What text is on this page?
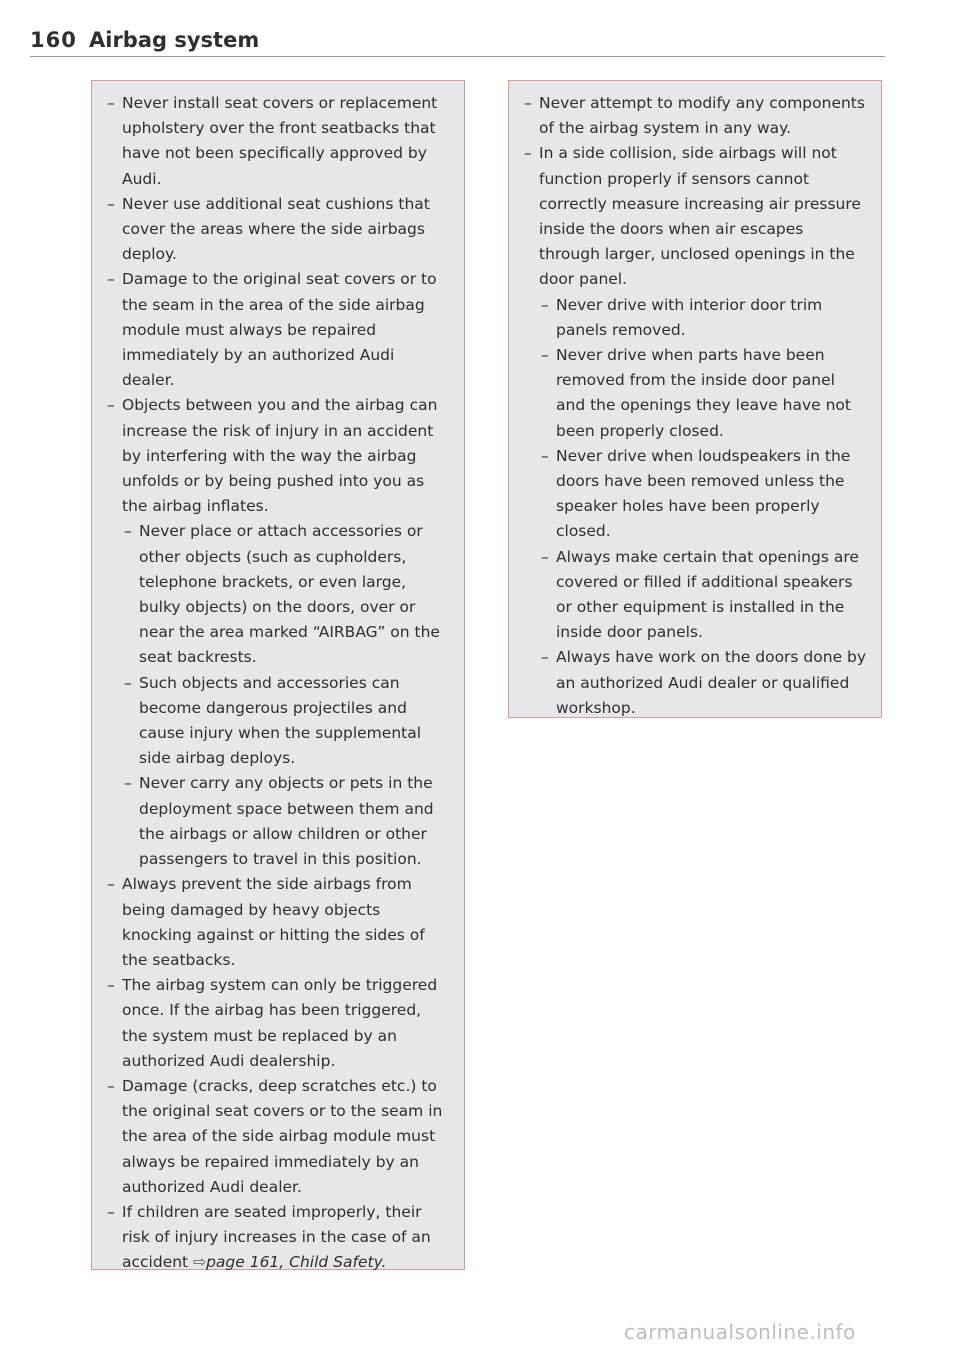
160 Airbag system
– Never install seat covers or replacement upholstery over the front seatbacks that have not been specifically approved by Audi.
– Never use additional seat cushions that cover the areas where the side airbags deploy.
– Damage to the original seat covers or to the seam in the area of the side airbag module must always be repaired immediately by an authorized Audi dealer.
– Objects between you and the airbag can increase the risk of injury in an accident by interfering with the way the airbag unfolds or by being pushed into you as the airbag inflates.
– Never place or attach accessories or other objects (such as cupholders, telephone brackets, or even large, bulky objects) on the doors, over or near the area marked “AIRBAG” on the seat backrests.
– Such objects and accessories can become dangerous projectiles and cause injury when the supplemental side airbag deploys.
– Never carry any objects or pets in the deployment space between them and the airbags or allow children or other passengers to travel in this position.
– Always prevent the side airbags from being damaged by heavy objects knocking against or hitting the sides of the seatbacks.
– The airbag system can only be triggered once. If the airbag has been triggered, the system must be replaced by an authorized Audi dealership.
– Damage (cracks, deep scratches etc.) to the original seat covers or to the seam in the area of the side airbag module must always be repaired immediately by an authorized Audi dealer.
– If children are seated improperly, their risk of injury increases in the case of an accident ⇨page 161, Child Safety.
– Never attempt to modify any components of the airbag system in any way.
– In a side collision, side airbags will not function properly if sensors cannot correctly measure increasing air pressure inside the doors when air escapes through larger, unclosed openings in the door panel.
– Never drive with interior door trim panels removed.
– Never drive when parts have been removed from the inside door panel and the openings they leave have not been properly closed.
– Never drive when loudspeakers in the doors have been removed unless the speaker holes have been properly closed.
– Always make certain that openings are covered or filled if additional speakers or other equipment is installed in the inside door panels.
– Always have work on the doors done by an authorized Audi dealer or qualified workshop.
carmanualsonline.info
